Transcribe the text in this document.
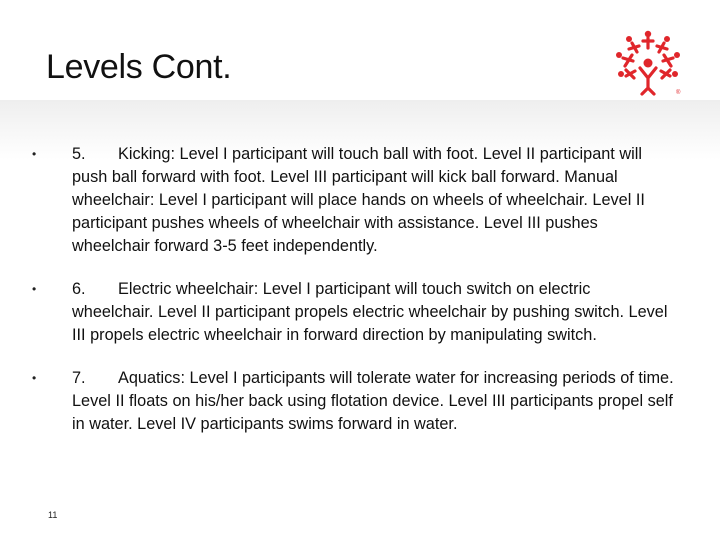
Levels Cont.
®
• 5. Kicking: Level I participant will touch ball with foot. Level II participant will push ball forward with foot. Level III participant will kick ball forward. Manual wheelchair: Level I participant will place hands on wheels of wheelchair. Level II participant pushes wheels of wheelchair with assistance. Level III pushes wheelchair forward 3-5 feet independently.
• 6. Electric wheelchair: Level I participant will touch switch on electric wheelchair. Level II participant propels electric wheelchair by pushing switch. Level III propels electric wheelchair in forward direction by manipulating switch.
• 7. Aquatics: Level I participants will tolerate water for increasing periods of time. Level II floats on his/her back using flotation device. Level III participants propel self in water. Level IV participants swims forward in water.
11
